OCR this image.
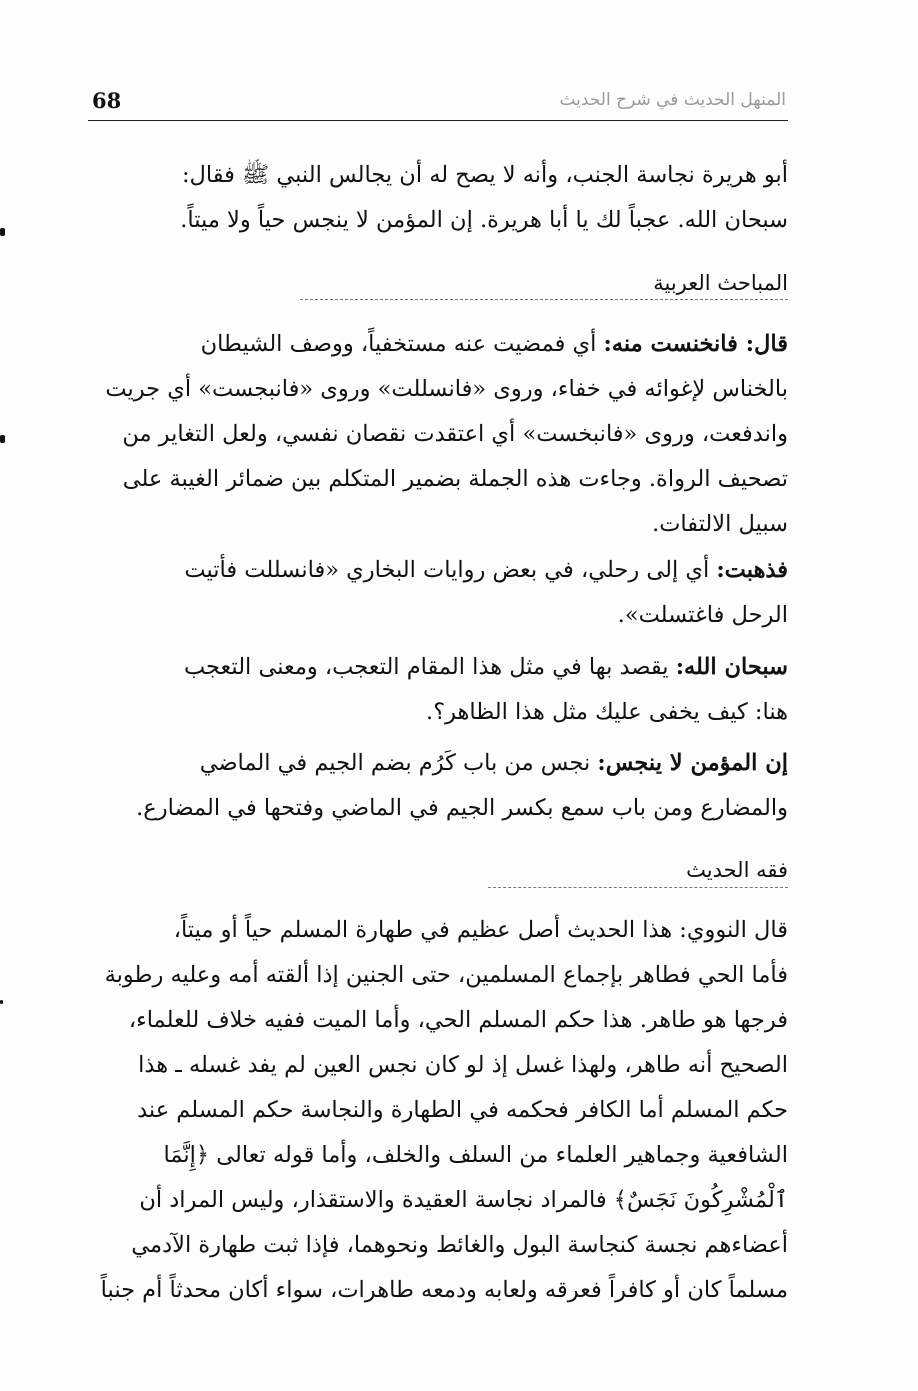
68	المنهل الحديث في شرح الحديث
أبو هريرة نجاسة الجنب، وأنه لا يصح له أن يجالس النبي ﷺ فقال:
سبحان الله. عجباً لك يا أبا هريرة. إن المؤمن لا ينجس حياً ولا ميتاً.
المباحث العربية
قال: فانخنست منه: أي فمضيت عنه مستخفياً، ووصف الشيطان
بالخناس لإغوائه في خفاء، وروى «فانسللت» وروى «فانبجست» أي جريت
واندفعت، وروى «فانبخست» أي اعتقدت نقصان نفسي، ولعل التغاير من
تصحيف الرواة. وجاءت هذه الجملة بضمير المتكلم بين ضمائر الغيبة على
سبيل الالتفات.
فذهبت: أي إلى رحلي، في بعض روايات البخاري «فانسللت فأتيت
الرحل فاغتسلت».
سبحان الله: يقصد بها في مثل هذا المقام التعجب، ومعنى التعجب
هنا: كيف يخفى عليك مثل هذا الظاهر؟.
إن المؤمن لا ينجس: نجس من باب كَرُم بضم الجيم في الماضي
والمضارع ومن باب سمع بكسر الجيم في الماضي وفتحها في المضارع.
فقه الحديث
قال النووي: هذا الحديث أصل عظيم في طهارة المسلم حياً أو ميتاً،
فأما الحي فطاهر بإجماع المسلمين، حتى الجنين إذا ألقته أمه وعليه رطوبة
فرجها هو طاهر. هذا حكم المسلم الحي، وأما الميت ففيه خلاف للعلماء،
الصحيح أنه طاهر، ولهذا غسل إذ لو كان نجس العين لم يفد غسله ـ هذا
حكم المسلم أما الكافر فحكمه في الطهارة والنجاسة حكم المسلم عند
الشافعية وجماهير العلماء من السلف والخلف، وأما قوله تعالى ﴿إِنَّمَا
ٱلْمُشْرِكُونَ نَجَسٌ﴾ فالمراد نجاسة العقيدة والاستقذار، وليس المراد أن
أعضاءهم نجسة كنجاسة البول والغائط ونحوهما، فإذا ثبت طهارة الآدمي
مسلماً كان أو كافراً فعرقه ولعابه ودمعه طاهرات، سواء أكان محدثاً أم جنباً
